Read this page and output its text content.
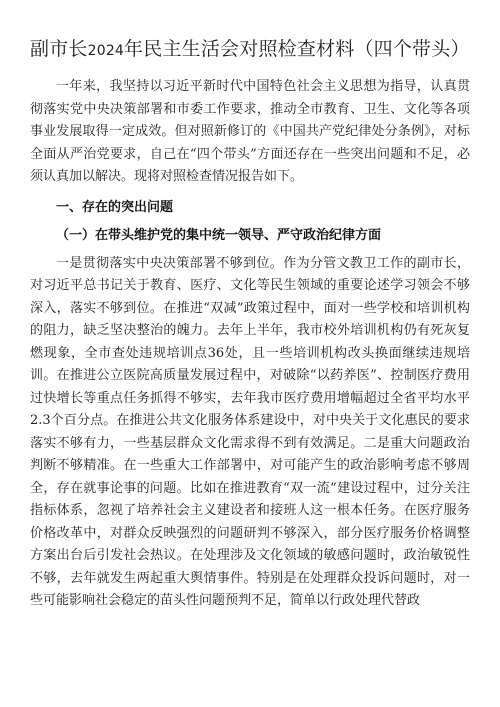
副市长2024年民主生活会对照检查材料（四个带头）

一年来，我坚持以习近平新时代中国特色社会主义思想为指导，认真贯彻落实党中央决策部署和市委工作要求，推动全市教育、卫生、文化等各项事业发展取得一定成效。但对照新修订的《中国共产党纪律处分条例》，对标全面从严治党要求，自己在“四个带头”方面还存在一些突出问题和不足，必须认真加以解决。现将对照检查情况报告如下。

一、存在的突出问题

（一）在带头维护党的集中统一领导、严守政治纪律方面

一是贯彻落实中央决策部署不够到位。作为分管文教卫工作的副市长，对习近平总书记关于教育、医疗、文化等民生领域的重要论述学习领会不够深入，落实不够到位。在推进“双减”政策过程中，面对一些学校和培训机构的阻力，缺乏坚决整治的魄力。去年上半年，我市校外培训机构仍有死灰复燃现象，全市查处违规培训点36处，且一些培训机构改头换面继续违规培训。在推进公立医院高质量发展过程中，对破除“以药养医”、控制医疗费用过快增长等重点任务抓得不够实，去年我市医疗费用增幅超过全省平均水平2.3个百分点。在推进公共文化服务体系建设中，对中央关于文化惠民的要求落实不够有力，一些基层群众文化需求得不到有效满足。二是重大问题政治判断不够精准。在一些重大工作部署中，对可能产生的政治影响考虑不够周全，存在就事论事的问题。比如在推进教育“双一流”建设过程中，过分关注指标体系，忽视了培养社会主义建设者和接班人这一根本任务。在医疗服务价格改革中，对群众反映强烈的问题研判不够深入，部分医疗服务价格调整方案出台后引发社会热议。在处理涉及文化领域的敏感问题时，政治敏锐性不够，去年就发生两起重大舆情事件。特别是在处理群众投诉问题时，对一些可能影响社会稳定的苗头性问题预判不足，简单以行政处理代替政
